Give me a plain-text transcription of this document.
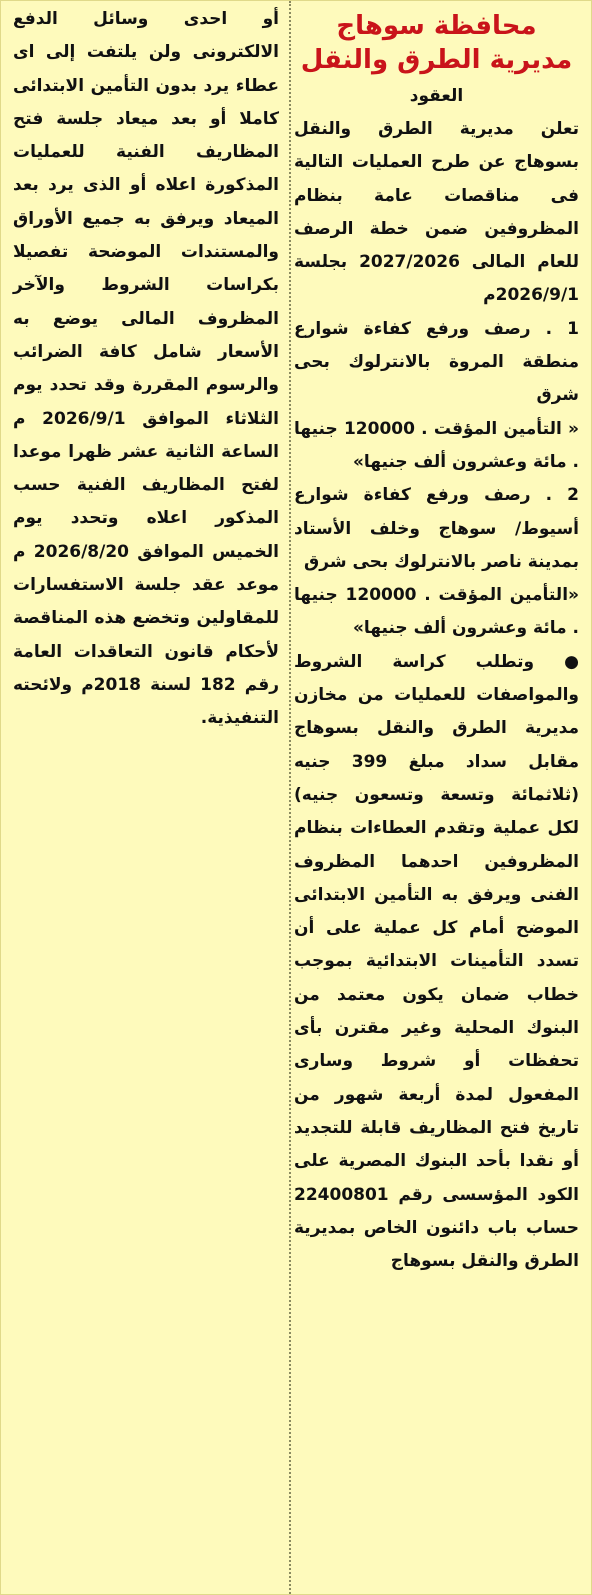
محافظة سوهاج
مديرية الطرق والنقل
العقود

تعلن مديرية الطرق والنقل بسوهاج عن طرح العمليات التالية فى مناقصات عامة بنظام المظروفين ضمن خطة الرصف للعام المالى 2027/2026 بجلسة 2026/9/1م

1 . رصف ورفع كفاءة شوارع منطقة المروة بالانترلوك بحى شرق

« التأمين المؤقت . 120000 جنيها . مائة وعشرون ألف جنيها»

2 . رصف ورفع كفاءة شوارع أسيوط/ سوهاج وخلف الأستاد بمدينة ناصر بالانترلوك بحى شرق

«التأمين المؤقت . 120000 جنيها . مائة وعشرون ألف جنيها»

● وتطلب كراسة الشروط والمواصفات للعمليات من مخازن مديرية الطرق والنقل بسوهاج مقابل سداد مبلغ 399 جنيه (ثلاثمائة وتسعة وتسعون جنيه) لكل عملية وتقدم العطاءات بنظام المظروفين احدهما المظروف الفنى ويرفق به التأمين الابتدائى الموضح أمام كل عملية على أن تسدد التأمينات الابتدائية بموجب خطاب ضمان يكون معتمد من البنوك المحلية وغير مقترن بأى تحفظات أو شروط وسارى المفعول لمدة أربعة شهور من تاريخ فتح المظاريف قابلة للتجديد أو نقدا بأحد البنوك المصرية على الكود المؤسسى رقم 22400801 حساب باب دائنون الخاص بمديرية الطرق والنقل بسوهاج

أو احدى وسائل الدفع الالكترونى ولن يلتفت إلى اى عطاء يرد بدون التأمين الابتدائى كاملا أو بعد ميعاد جلسة فتح المظاريف الفنية للعمليات المذكورة اعلاه أو الذى يرد بعد الميعاد ويرفق به جميع الأوراق والمستندات الموضحة تفصيلا بكراسات الشروط والآخر المظروف المالى يوضع به الأسعار شامل كافة الضرائب والرسوم المقررة وقد تحدد يوم الثلاثاء الموافق 2026/9/1 م الساعة الثانية عشر ظهرا موعدا لفتح المظاريف الفنية حسب المذكور اعلاه وتحدد يوم الخميس الموافق 2026/8/20 م موعد عقد جلسة الاستفسارات للمقاولين وتخضع هذه المناقصة لأحكام قانون التعاقدات العامة رقم 182 لسنة 2018م ولائحته التنفيذية.
